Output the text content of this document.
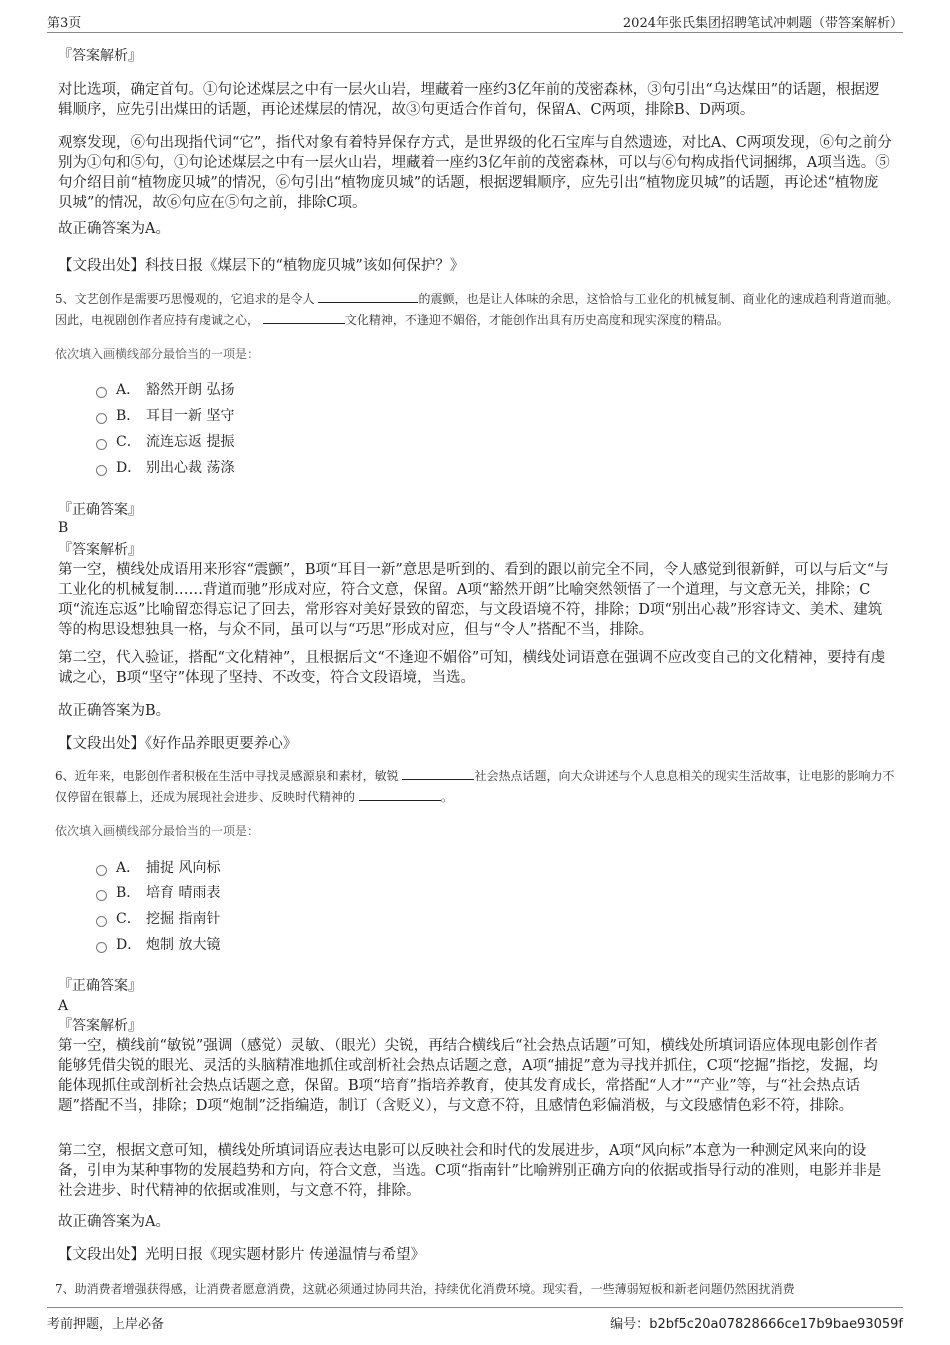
第3页	2024年张氏集团招聘笔试冲刺题（带答案解析）

『答案解析』

对比选项，确定首句。①句论述煤层之中有一层火山岩，埋藏着一座约3亿年前的茂密森林，③句引出“乌达煤田”的话题，根据逻辑顺序，应先引出煤田的话题，再论述煤层的情况，故③句更适合作首句，保留A、C两项，排除B、D两项。

观察发现，⑥句出现指代词“它”，指代对象有着特异保存方式，是世界级的化石宝库与自然遗迹，对比A、C两项发现，⑥句之前分别为①句和⑤句，①句论述煤层之中有一层火山岩，埋藏着一座约3亿年前的茂密森林，可以与⑥句构成指代词捆绑，A项当选。⑤句介绍目前“植物庞贝城”的情况，⑥句引出“植物庞贝城”的话题，根据逻辑顺序，应先引出“植物庞贝城”的话题，再论述“植物庞贝城”的情况，故⑥句应在⑤句之前，排除C项。

故正确答案为A。

【文段出处】科技日报《煤层下的“植物庞贝城”该如何保护？》

5、文艺创作是需要巧思慢观的，它追求的是令人	的震颤，也是让人体味的余思，这恰恰与工业化的机械复制、商业化的速成趋利背道而驰。因此，电视剧创作者应持有虔诚之心，	文化精神，不逢迎不媚俗，才能创作出具有历史高度和现实深度的精品。

依次填入画横线部分最恰当的一项是：

A． 豁然开朗 弘扬
B． 耳目一新 坚守
C． 流连忘返 提振
D． 别出心裁 荡涤

『正确答案』

B

『答案解析』

第一空，横线处成语用来形容“震颤”，B项“耳目一新”意思是听到的、看到的跟以前完全不同，令人感觉到很新鲜，可以与后文“与工业化的机械复制……背道而驰”形成对应，符合文意，保留。A项“豁然开朗”比喻突然领悟了一个道理，与文意无关，排除；C项“流连忘返”比喻留恋得忘记了回去，常形容对美好景致的留恋，与文段语境不符，排除；D项“别出心裁”形容诗文、美术、建筑等的构思设想独具一格，与众不同，虽可以与“巧思”形成对应，但与“令人”搭配不当，排除。

第二空，代入验证，搭配“文化精神”，且根据后文“不逢迎不媚俗”可知，横线处词语意在强调不应改变自己的文化精神，要持有虔诚之心，B项“坚守”体现了坚持、不改变，符合文段语境，当选。

故正确答案为B。

【文段出处】《好作品养眼更要养心》

6、近年来，电影创作者积极在生活中寻找灵感源泉和素材，敏锐	社会热点话题，向大众讲述与个人息息相关的现实生活故事，让电影的影响力不仅停留在银幕上，还成为展现社会进步、反映时代精神的	。

依次填入画横线部分最恰当的一项是：

A． 捕捉 风向标
B． 培育 晴雨表
C． 挖掘 指南针
D． 炮制 放大镜

『正确答案』

A

『答案解析』

第一空，横线前“敏锐”强调（感觉）灵敏、（眼光）尖锐，再结合横线后“社会热点话题”可知，横线处所填词语应体现电影创作者能够凭借尖锐的眼光、灵活的头脑精准地抓住或剖析社会热点话题之意，A项“捕捉”意为寻找并抓住，C项“挖掘”指挖，发掘，均能体现抓住或剖析社会热点话题之意，保留。B项“培育”指培养教育，使其发育成长，常搭配“人才”“产业”等，与“社会热点话题”搭配不当，排除；D项“炮制”泛指编造，制订（含贬义），与文意不符，且感情色彩偏消极，与文段感情色彩不符，排除。

第二空，根据文意可知，横线处所填词语应表达电影可以反映社会和时代的发展进步，A项“风向标”本意为一种测定风来向的设备，引申为某种事物的发展趋势和方向，符合文意，当选。C项“指南针”比喻辨别正确方向的依据或指导行动的准则，电影并非是社会进步、时代精神的依据或准则，与文意不符，排除。

故正确答案为A。

【文段出处】光明日报《现实题材影片 传递温情与希望》

7、助消费者增强获得感，让消费者愿意消费，这就必须通过协同共治，持续优化消费环境。现实看，一些薄弱短板和新老问题仍然困扰消费

考前押题，上岸必备	编号：b2bf5c20a07828666ce17b9bae93059f
